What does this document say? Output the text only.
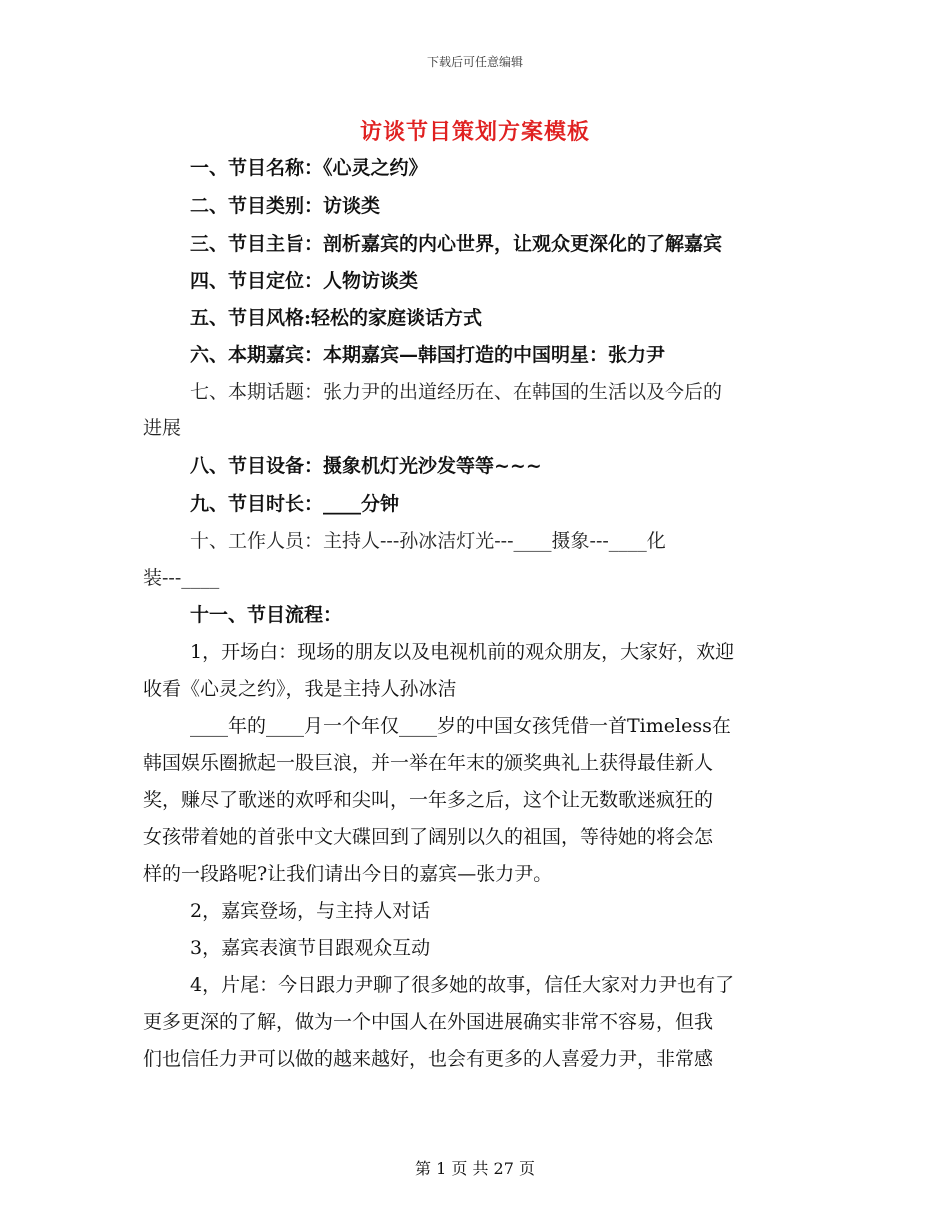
下载后可任意编辑
访谈节目策划方案模板
一、节目名称：《心灵之约》
二、节目类别：访谈类
三、节目主旨：剖析嘉宾的内心世界，让观众更深化的了解嘉宾
四、节目定位：人物访谈类
五、节目风格:轻松的家庭谈话方式
六、本期嘉宾：本期嘉宾—韩国打造的中国明星：张力尹
七、本期话题：张力尹的出道经历在、在韩国的生活以及今后的
进展
八、节目设备：摄象机灯光沙发等等~~~
九、节目时长：____分钟
十、工作人员：主持人---孙冰洁灯光---____摄象---____化
装---____
十一、节目流程：
1，开场白：现场的朋友以及电视机前的观众朋友，大家好，欢迎
收看《心灵之约》，我是主持人孙冰洁
____年的____月一个年仅____岁的中国女孩凭借一首Timeless在
韩国娱乐圈掀起一股巨浪，并一举在年末的颁奖典礼上获得最佳新人
奖，赚尽了歌迷的欢呼和尖叫，一年多之后，这个让无数歌迷疯狂的
女孩带着她的首张中文大碟回到了阔别以久的祖国，等待她的将会怎
样的一段路呢?让我们请出今日的嘉宾—张力尹。
2，嘉宾登场，与主持人对话
3，嘉宾表演节目跟观众互动
4，片尾：今日跟力尹聊了很多她的故事，信任大家对力尹也有了
更多更深的了解，做为一个中国人在外国进展确实非常不容易，但我
们也信任力尹可以做的越来越好，也会有更多的人喜爱力尹，非常感
第 1 页 共 27 页
